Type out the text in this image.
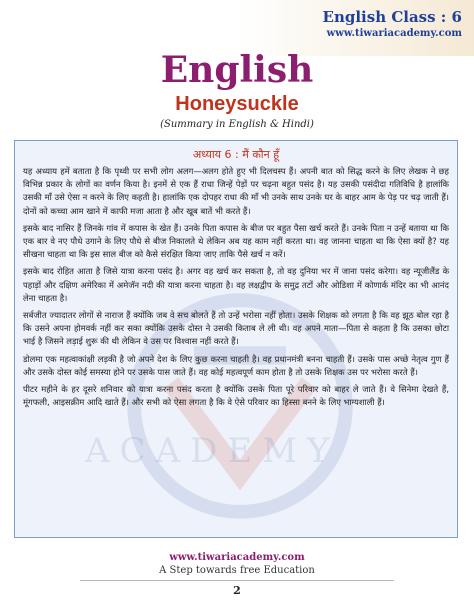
English Class : 6
www.tiwariacademy.com
English
Honeysuckle
(Summary in English & Hindi)
ACADEMY
अध्याय 6 : मैं कौन हूँ

यह अध्याय हमें बताता है कि पृथ्वी पर सभी लोग अलग—अलग होते हुए भी दिलचस्प हैं। अपनी बात को सिद्ध करने के लिए लेखक ने छह विभिन्न प्रकार के लोगों का वर्णन किया है। इनमें से एक हैं राधा जिन्हें पेड़ों पर चढ़ना बहुत पसंद है। यह उसकी पसंदीदा गतिविधि है हालांकि उसकी माँ उसे ऐसा न करने के लिए कहती है। हालांकि एक दोपहर राधा की माँ भी उनके साथ उनके घर के बाहर आम के पेड़ पर चढ़ जाती हैं। दोनों को कच्चा आम खाने में काफी मजा आता है और खूब बातें भी करते हैं।

इसके बाद नासिर हैं जिनके गांव में कपास के खेत हैं। उनके पिता कपास के बीज पर बहुत पैसा खर्च करते हैं। उनके पिता न उन्हें बताया था कि एक बार वे नए पौधे उगाने के लिए पौधे से बीज निकालते थे लेकिन अब यह काम नहीं करता था। वह जानना चाहता था कि ऐसा क्यों है? यह सीखना चाहता था कि इस साल बीज को कैसे संरक्षित किया जाए ताकि पैसे खर्च न करें।

इसके बाद रोहित आता है जिसे यात्रा करना पसंद है। अगर वह खर्च कर सकता है, तो वह दुनिया भर में जाना पसंद करेगा। वह न्यूजीलैंड के पहाड़ों और दक्षिण अमेरिका में अमेजॅन नदी की यात्रा करना चाहता है। वह लक्षद्वीप के समुद्र तटों और ओडिशा में कोणार्क मंदिर का भी आनंद लेना चाहता है।

सर्बजीत ज्यादातर लोगों से नाराज हैं क्योंकि जब वे सच बोलते हैं तो उन्हें भरोसा नहीं होता। उसके शिक्षक को लगता है कि वह झूठ बोल रहा है कि उसने अपना होमवर्क नहीं कर सका क्योंकि उसके दोस्त ने उसकी किताब ले ली थी। वह अपने माता—पिता से कहता है कि उसका छोटा भाई है जिसने लड़ाई शुरू की थी लेकिन वे उस पर विश्वास नहीं करते हैं।

डोलमा एक महत्वाकांक्षी लड़की है जो अपने देश के लिए कुछ करना चाहती है। वह प्रधानमंत्री बनना चाहती हैं। उसके पास अच्छे नेतृत्व गुण हैं और उसके दोस्त कोई समस्या होने पर उसके पास जाते हैं। वह कोई महत्वपूर्ण काम होता है तो उसके शिक्षक उस पर भरोसा करते हैं।

पीटर महीने के हर दूसरे शनिवार को यात्रा करना पसंद करता है क्योंकि उसके पिता पूरे परिवार को बाहर ले जाते हैं। वे सिनेमा देखते हैं, मूंगफली, आइसक्रीम आदि खाते हैं। और सभी को ऐसा लगता है कि वे ऐसे परिवार का हिस्सा बनने के लिए भाग्यशाली हैं।

www.tiwariacademy.com
A Step towards free Education
2
